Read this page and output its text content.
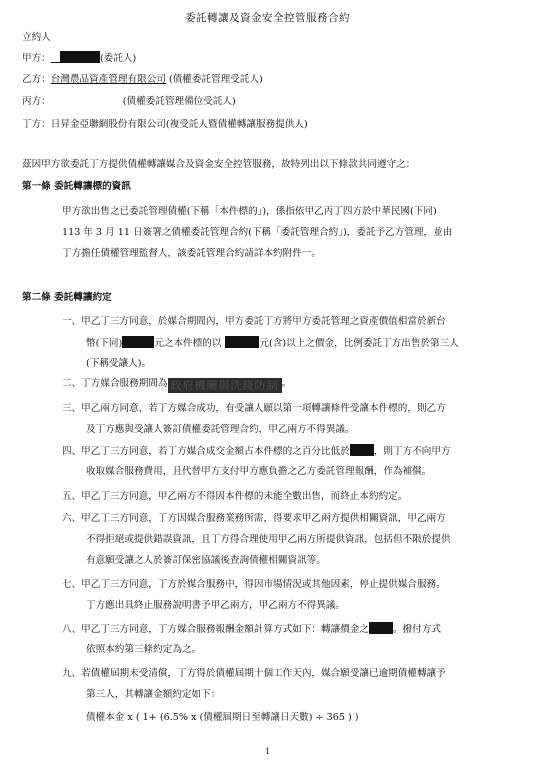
委託轉讓及資金安全控管服務合約
立約人
甲方：	(委託人)
乙方：台灣農品資產管理有限公司 (債權委託管理受託人)
丙方：	(債權委託管理備位受託人)
丁方：日昇金亞聯網股份有限公司(複受託人暨債權轉讓服務提供人)
茲因甲方欲委託丁方提供債權轉讓媒合及資金安全控管服務，故特列出以下條款共同遵守之：
第一條 委託轉讓標的資訊
甲方欲出售之已委託管理債權(下稱「本件標的」)，係指依甲乙丙丁四方於中華民國(下同)
113 年 3 月 11 日簽署之債權委託管理合約(下稱「委託管理合約」)，委託予乙方管理，並由
丁方擔任債權管理監督人，該委託管理合約請詳本約附件一。
第二條 委託轉讓約定
一、甲乙丁三方同意，於媒合期間內，甲方委託丁方將甲方委託管理之資產價值相當於新台
幣(下同)	元之本件標的以	元(含)以上之價金，比例委託丁方出售於第三人
(下稱受讓人)。
二、丁方媒合服務期間為 政府機關與洗錢防制 。
三、甲乙兩方同意，若丁方媒合成功，有受讓人願以第一項轉讓條件受讓本件標的，則乙方
及丁方應與受讓人簽訂債權委託管理合約，甲乙兩方不得異議。
四、甲乙丁三方同意，若丁方媒合成交金額占本件標的之百分比低於	，則丁方不向甲方
收取媒合服務費用，且代替甲方支付甲方應負擔之乙方委託管理報酬，作為補償。
五、甲乙丁三方同意，甲乙兩方不得因本件標的未能全數出售，而終止本約約定。
六、甲乙丁三方同意，丁方因媒合服務業務所需，得要求甲乙兩方提供相關資訊，甲乙兩方
不得拒絕或提供錯誤資訊，且丁方得合理使用甲乙兩方所提供資訊，包括但不限於提供
有意願受讓之人於簽訂保密協議後查詢債權相關資訊等。
七、甲乙丁三方同意，丁方於媒合服務中，得因市場情況或其他因素，停止提供媒合服務。
丁方應出具終止服務說明書予甲乙兩方，甲乙兩方不得異議。
八、甲乙丁三方同意，丁方媒合服務報酬金額計算方式如下：轉讓價金之	。撥付方式
依照本約第三條約定為之。
九、若債權屆期未受清償，丁方得於債權屆期十個工作天內，媒合願受讓已逾期債權轉讓予
第三人，其轉讓金額約定如下：
債權本金 x ( 1+ (6.5% x (債權屆期日至轉讓日天數) ÷ 365 ) )
1
